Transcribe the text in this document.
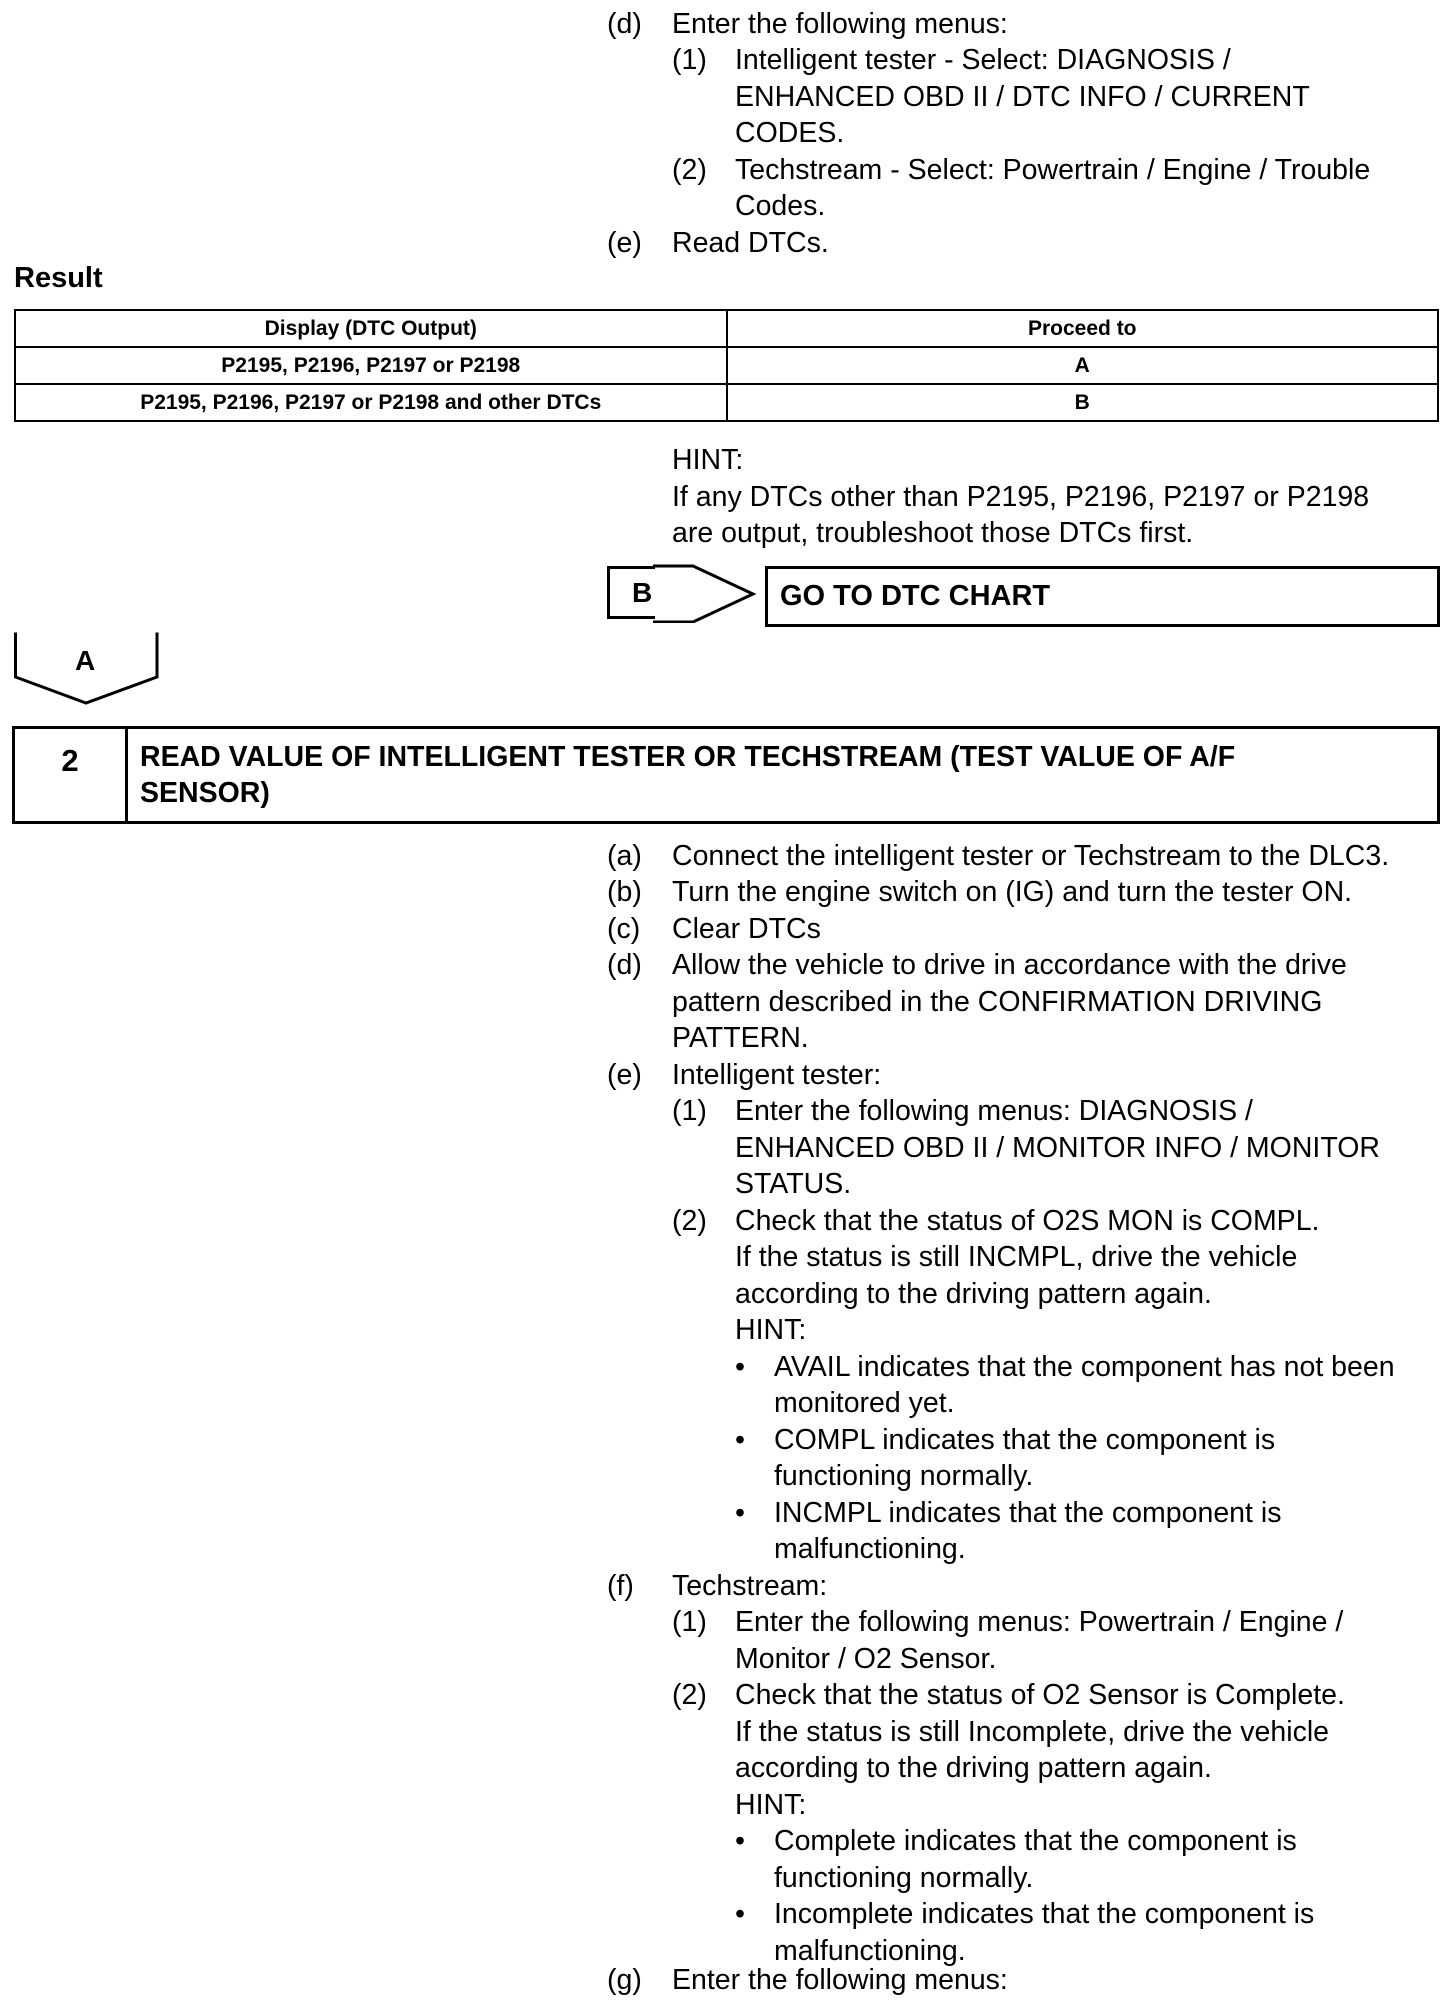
(d) Enter the following menus:
(1) Intelligent tester - Select: DIAGNOSIS /
ENHANCED OBD II / DTC INFO / CURRENT
CODES.
(2) Techstream - Select: Powertrain / Engine / Trouble
Codes.
(e) Read DTCs.
Result
Display (DTC Output)	Proceed to
P2195, P2196, P2197 or P2198	A
P2195, P2196, P2197 or P2198 and other DTCs	B
HINT:
If any DTCs other than P2195, P2196, P2197 or P2198
are output, troubleshoot those DTCs first.
B	GO TO DTC CHART
A
2	READ VALUE OF INTELLIGENT TESTER OR TECHSTREAM (TEST VALUE OF A/F
SENSOR)
(a) Connect the intelligent tester or Techstream to the DLC3.
(b) Turn the engine switch on (IG) and turn the tester ON.
(c) Clear DTCs
(d) Allow the vehicle to drive in accordance with the drive
pattern described in the CONFIRMATION DRIVING
PATTERN.
(e) Intelligent tester:
(1) Enter the following menus: DIAGNOSIS /
ENHANCED OBD II / MONITOR INFO / MONITOR
STATUS.
(2) Check that the status of O2S MON is COMPL.
If the status is still INCMPL, drive the vehicle
according to the driving pattern again.
HINT:
• AVAIL indicates that the component has not been
monitored yet.
• COMPL indicates that the component is
functioning normally.
• INCMPL indicates that the component is
malfunctioning.
(f) Techstream:
(1) Enter the following menus: Powertrain / Engine /
Monitor / O2 Sensor.
(2) Check that the status of O2 Sensor is Complete.
If the status is still Incomplete, drive the vehicle
according to the driving pattern again.
HINT:
• Complete indicates that the component is
functioning normally.
• Incomplete indicates that the component is
malfunctioning.
(g) Enter the following menus:
